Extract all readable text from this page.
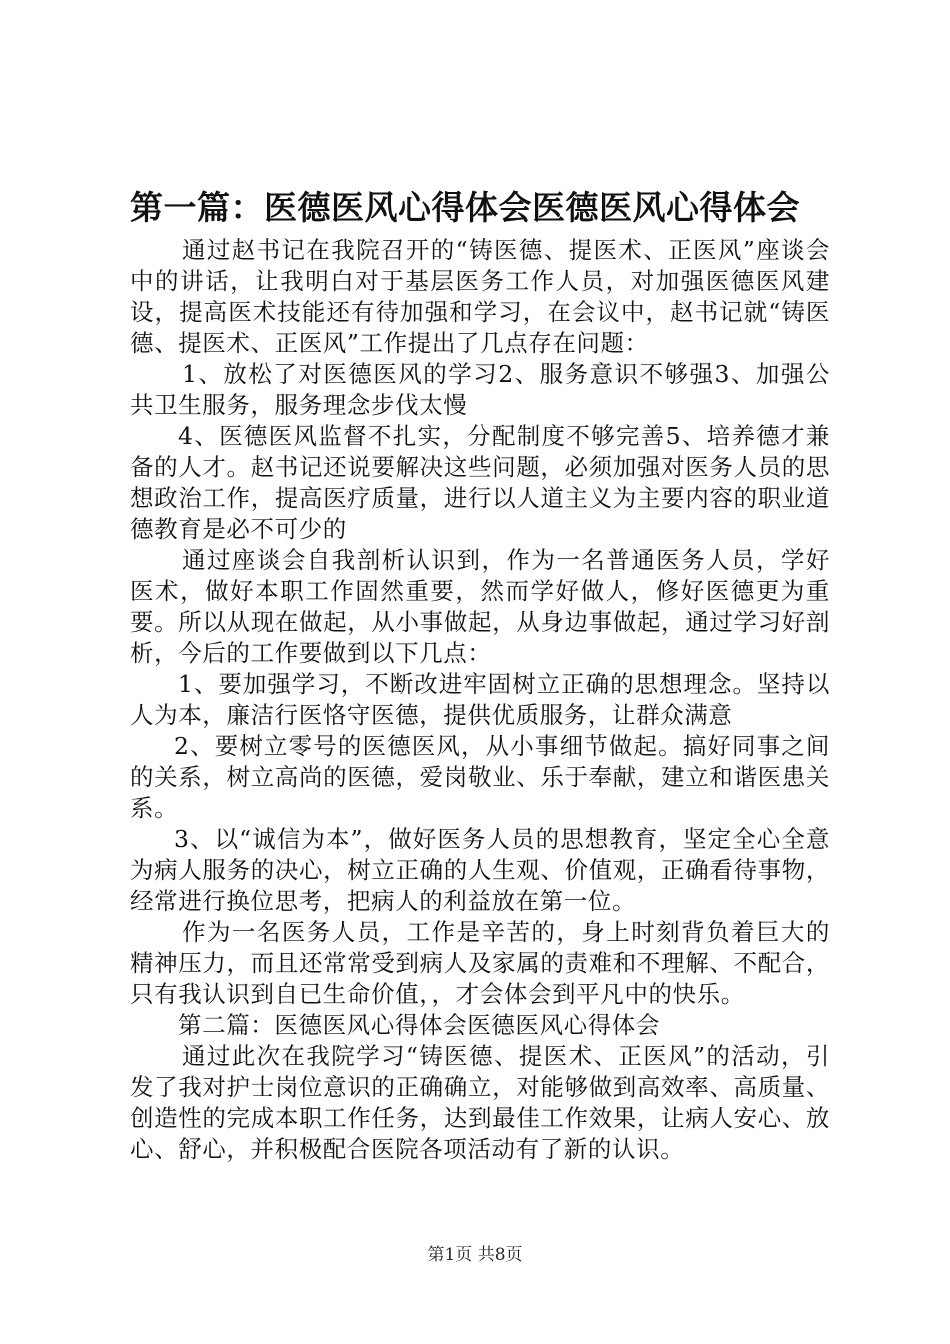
第一篇：医德医风心得体会医德医风心得体会

通过赵书记在我院召开的“铸医德、提医术、正医风”座谈会中的讲话，让我明白对于基层医务工作人员，对加强医德医风建设，提高医术技能还有待加强和学习，在会议中，赵书记就“铸医德、提医术、正医风”工作提出了几点存在问题：

1、放松了对医德医风的学习2、服务意识不够强3、加强公共卫生服务，服务理念步伐太慢

4、医德医风监督不扎实，分配制度不够完善5、培养德才兼备的人才。赵书记还说要解决这些问题，必须加强对医务人员的思想政治工作，提高医疗质量，进行以人道主义为主要内容的职业道德教育是必不可少的

通过座谈会自我剖析认识到，作为一名普通医务人员，学好医术，做好本职工作固然重要，然而学好做人，修好医德更为重要。所以从现在做起，从小事做起，从身边事做起，通过学习好剖析，今后的工作要做到以下几点：

1、要加强学习，不断改进牢固树立正确的思想理念。坚持以人为本，廉洁行医恪守医德，提供优质服务，让群众满意

2、要树立零号的医德医风，从小事细节做起。搞好同事之间的关系，树立高尚的医德，爱岗敬业、乐于奉献，建立和谐医患关系。

3、以“诚信为本”，做好医务人员的思想教育，坚定全心全意为病人服务的决心，树立正确的人生观、价值观，正确看待事物，经常进行换位思考，把病人的利益放在第一位。

作为一名医务人员，工作是辛苦的，身上时刻背负着巨大的精神压力，而且还常常受到病人及家属的责难和不理解、不配合，只有我认识到自已生命价值，，才会体会到平凡中的快乐。

第二篇：医德医风心得体会医德医风心得体会

通过此次在我院学习“铸医德、提医术、正医风”的活动，引发了我对护士岗位意识的正确确立，对能够做到高效率、高质量、创造性的完成本职工作任务，达到最佳工作效果，让病人安心、放心、舒心，并积极配合医院各项活动有了新的认识。

第1页 共8页
